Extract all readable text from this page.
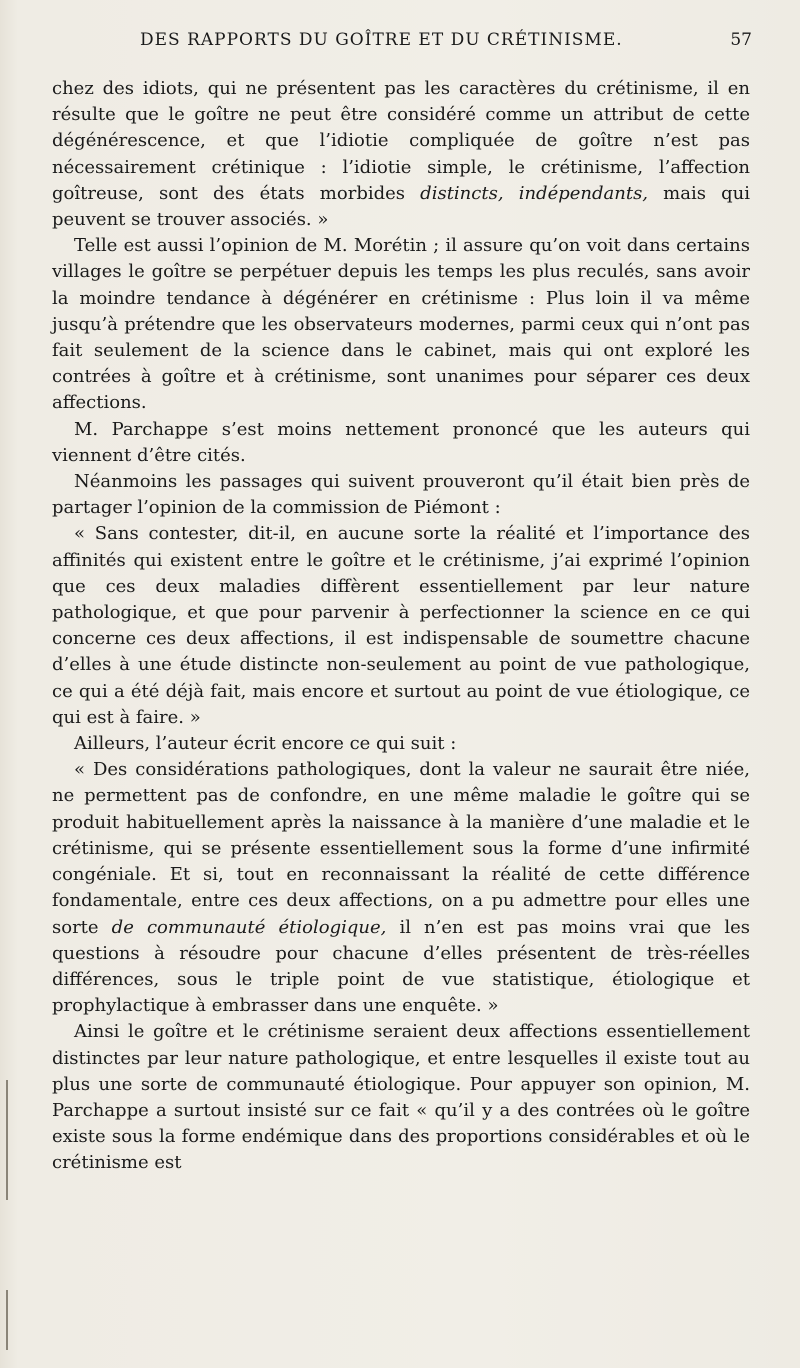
DES RAPPORTS DU GOÎTRE ET DU CRÉTINISME.	57

chez des idiots, qui ne présentent pas les caractères du crétinisme, il en résulte que le goître ne peut être considéré comme un attribut de cette dégénérescence, et que l’idiotie compliquée de goître n’est pas nécessairement crétinique : l’idiotie simple, le crétinisme, l’affection goîtreuse, sont des états morbides distincts, indépendants, mais qui peuvent se trouver associés. »

Telle est aussi l’opinion de M. Morétin ; il assure qu’on voit dans certains villages le goître se perpétuer depuis les temps les plus reculés, sans avoir la moindre tendance à dégénérer en crétinisme : Plus loin il va même jusqu’à prétendre que les observateurs modernes, parmi ceux qui n’ont pas fait seulement de la science dans le cabinet, mais qui ont exploré les contrées à goître et à crétinisme, sont unanimes pour séparer ces deux affections.

M. Parchappe s’est moins nettement prononcé que les auteurs qui viennent d’être cités.

Néanmoins les passages qui suivent prouveront qu’il était bien près de partager l’opinion de la commission de Piémont :

« Sans contester, dit-il, en aucune sorte la réalité et l’importance des affinités qui existent entre le goître et le crétinisme, j’ai exprimé l’opinion que ces deux maladies diffèrent essentiellement par leur nature pathologique, et que pour parvenir à perfectionner la science en ce qui concerne ces deux affections, il est indispensable de soumettre chacune d’elles à une étude distincte non-seulement au point de vue pathologique, ce qui a été déjà fait, mais encore et surtout au point de vue étiologique, ce qui est à faire. »

Ailleurs, l’auteur écrit encore ce qui suit :

« Des considérations pathologiques, dont la valeur ne saurait être niée, ne permettent pas de confondre, en une même maladie le goître qui se produit habituellement après la naissance à la manière d’une maladie et le crétinisme, qui se présente essentiellement sous la forme d’une infirmité congéniale. Et si, tout en reconnaissant la réalité de cette différence fondamentale, entre ces deux affections, on a pu admettre pour elles une sorte de communauté étiologique, il n’en est pas moins vrai que les questions à résoudre pour chacune d’elles présentent de très-réelles différences, sous le triple point de vue statistique, étiologique et prophylactique à embrasser dans une enquête. »

Ainsi le goître et le crétinisme seraient deux affections essentiellement distinctes par leur nature pathologique, et entre lesquelles il existe tout au plus une sorte de communauté étiologique. Pour appuyer son opinion, M. Parchappe a surtout insisté sur ce fait « qu’il y a des contrées où le goître existe sous la forme endémique dans des proportions considérables et où le crétinisme est
